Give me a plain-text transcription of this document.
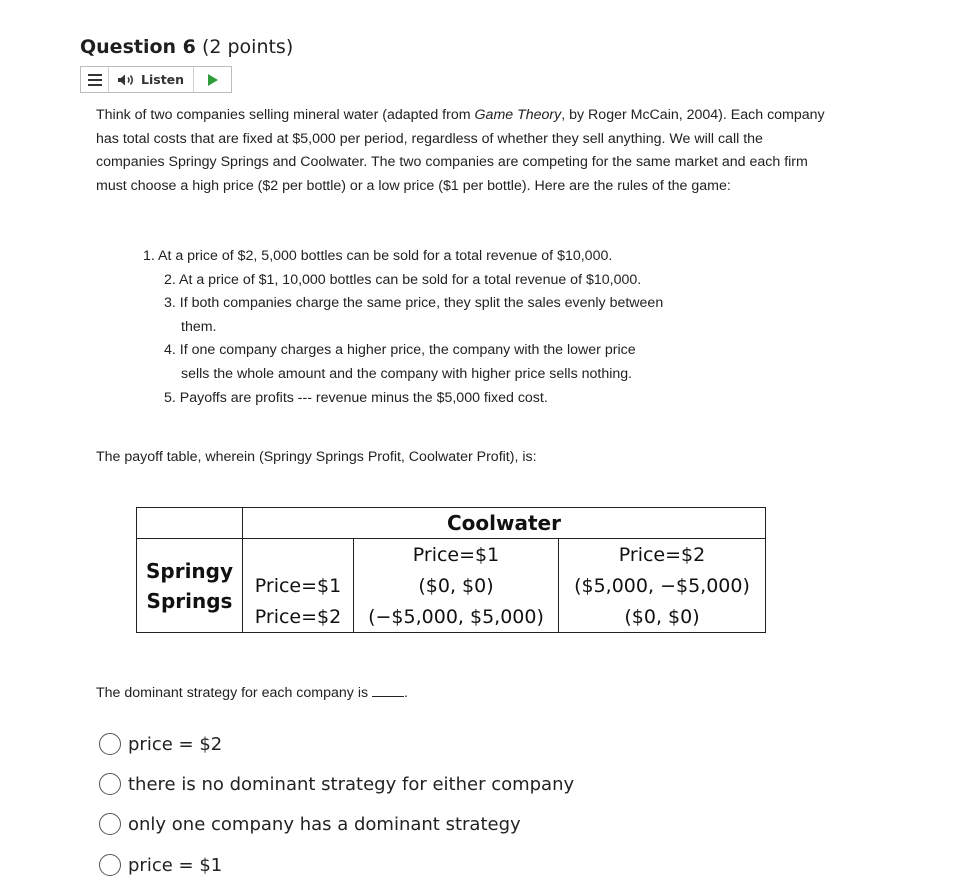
Question 6 (2 points)
Listen
Think of two companies selling mineral water (adapted from Game Theory, by Roger McCain, 2004). Each company has total costs that are fixed at $5,000 per period, regardless of whether they sell anything. We will call the companies Springy Springs and Coolwater. The two companies are competing for the same market and each firm must choose a high price ($2 per bottle) or a low price ($1 per bottle). Here are the rules of the game:
1. At a price of $2, 5,000 bottles can be sold for a total revenue of $10,000.
2. At a price of $1, 10,000 bottles can be sold for a total revenue of $10,000.
3. If both companies charge the same price, they split the sales evenly between
them.
4. If one company charges a higher price, the company with the lower price
sells the whole amount and the company with higher price sells nothing.
5. Payoffs are profits --- revenue minus the $5,000 fixed cost.
The payoff table, wherein (Springy Springs Profit, Coolwater Profit), is:
	Coolwater		

Springy
Springs		Price=$1	Price=$2
	Price=$1	($0, $0)	($5,000, −$5,000)
	Price=$2	(−$5,000, $5,000)	($0, $0)
The dominant strategy for each company is	.
price = $2
there is no dominant strategy for either company
only one company has a dominant strategy
price = $1
